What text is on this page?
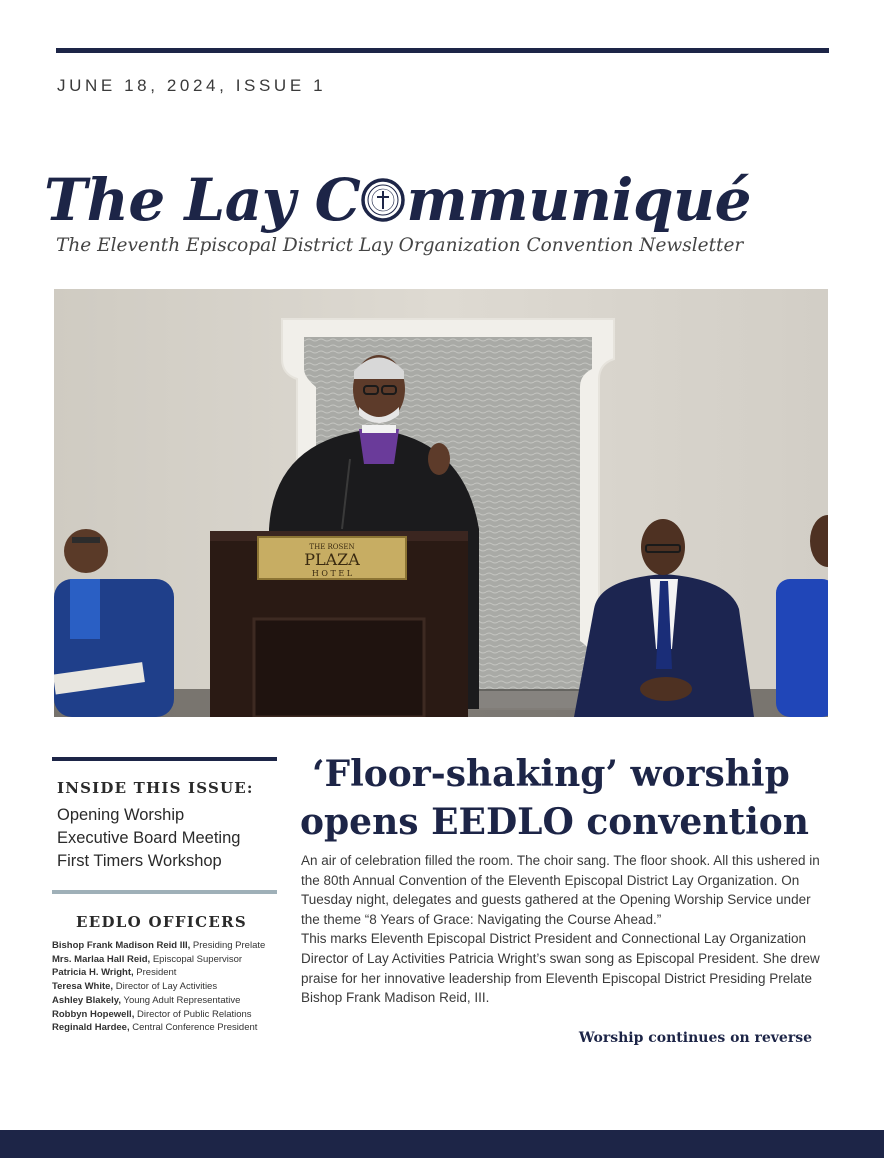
JUNE 18, 2024, ISSUE 1
The Lay C mmuniqué
The Eleventh Episcopal District Lay Organization Convention Newsletter
THE ROSEN
PLAZA
H O T E L
INSIDE THIS ISSUE:
Opening Worship
Executive Board Meeting
First Timers Workshop
EEDLO OFFICERS
Bishop Frank Madison Reid III, Presiding Prelate
Mrs. Marlaa Hall Reid, Episcopal Supervisor
Patricia H. Wright, President
Teresa White, Director of Lay Activities
Ashley Blakely, Young Adult Representative
Robbyn Hopewell, Director of Public Relations
Reginald Hardee, Central Conference President
‘Floor-shaking’ worship
opens EEDLO convention

An air of celebration filled the room. The choir sang. The floor shook. All this ushered in the 80th Annual Convention of the Eleventh Episcopal District Lay Organization. On Tuesday night, delegates and guests gathered at the Opening Worship Service under the theme “8 Years of Grace: Navigating the Course Ahead.”

This marks Eleventh Episcopal District President and Connectional Lay Organization Director of Lay Activities Patricia Wright’s swan song as Episcopal President. She drew praise for her innovative leadership from Eleventh Episcopal District Presiding Prelate Bishop Frank Madison Reid, III.

Worship continues on reverse
